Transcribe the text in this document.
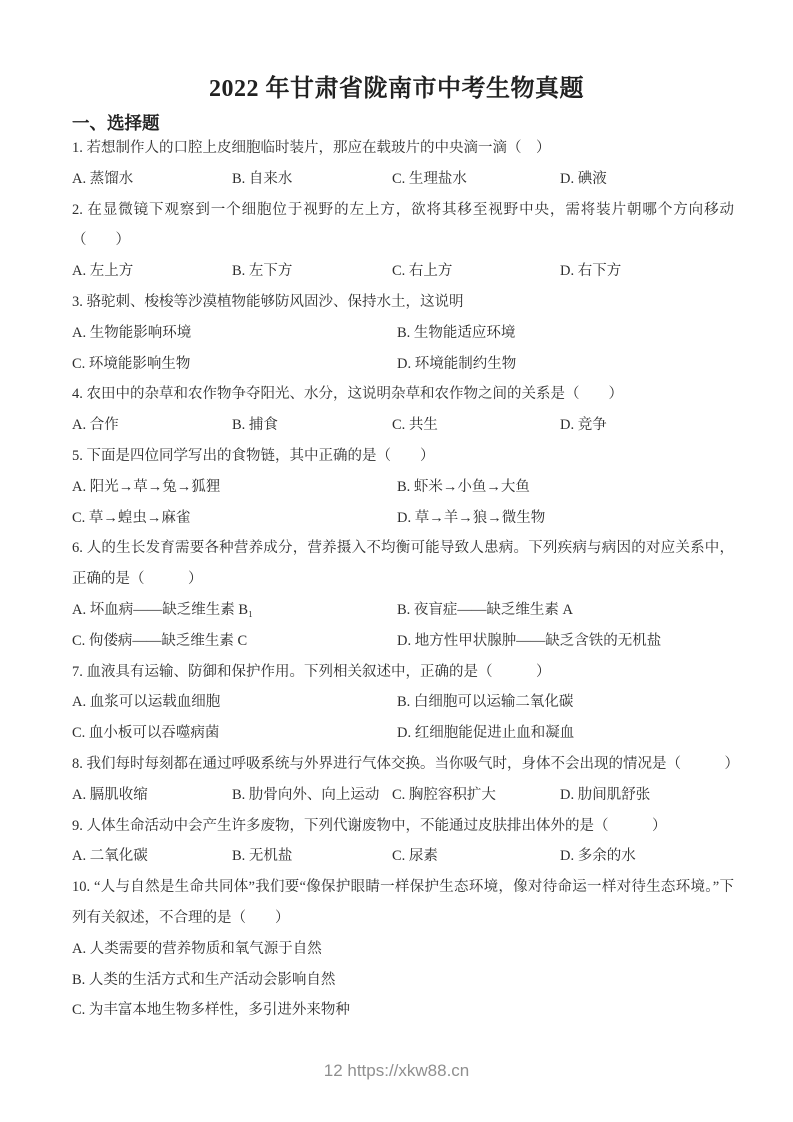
2022 年甘肃省陇南市中考生物真题
一、选择题

1. 若想制作人的口腔上皮细胞临时装片，那应在载玻片的中央滴一滴（　）

A. 蒸馏水	B. 自来水	C. 生理盐水	D. 碘液

2. 在显微镜下观察到一个细胞位于视野的左上方，欲将其移至视野中央，需将装片朝哪个方向移动（　　）

A. 左上方	B. 左下方	C. 右上方	D. 右下方

3. 骆驼刺、梭梭等沙漠植物能够防风固沙、保持水土，这说明

A. 生物能影响环境	B. 生物能适应环境
C. 环境能影响生物	D. 环境能制约生物

4. 农田中的杂草和农作物争夺阳光、水分，这说明杂草和农作物之间的关系是（　　）

A. 合作	B. 捕食	C. 共生	D. 竞争

5. 下面是四位同学写出的食物链，其中正确的是（　　）

A. 阳光→草→兔→狐狸	B. 虾米→小鱼→大鱼
C. 草→蝗虫→麻雀	D. 草→羊→狼→微生物

6. 人的生长发育需要各种营养成分，营养摄入不均衡可能导致人患病。下列疾病与病因的对应关系中，正确的是（　　　）

A. 坏血病——缺乏维生素 B₁	B. 夜盲症——缺乏维生素 A
C. 佝偻病——缺乏维生素 C	D. 地方性甲状腺肿——缺乏含铁的无机盐

7. 血液具有运输、防御和保护作用。下列相关叙述中，正确的是（　　　）

A. 血浆可以运载血细胞	B. 白细胞可以运输二氧化碳
C. 血小板可以吞噬病菌	D. 红细胞能促进止血和凝血

8. 我们每时每刻都在通过呼吸系统与外界进行气体交换。当你吸气时，身体不会出现的情况是（　　　）

A. 膈肌收缩	B. 肋骨向外、向上运动 C. 胸腔容积扩大	D. 肋间肌舒张

9. 人体生命活动中会产生许多废物，下列代谢废物中，不能通过皮肤排出体外的是（　　　）

A. 二氧化碳	B. 无机盐	C. 尿素	D. 多余的水

10. “人与自然是生命共同体”我们要“像保护眼睛一样保护生态环境，像对待命运一样对待生态环境。”下列有关叙述，不合理的是（　　）

A. 人类需要的营养物质和氧气源于自然
B. 人类的生活方式和生产活动会影响自然
C. 为丰富本地生物多样性，多引进外来物种
12 https://xkw88.cn
